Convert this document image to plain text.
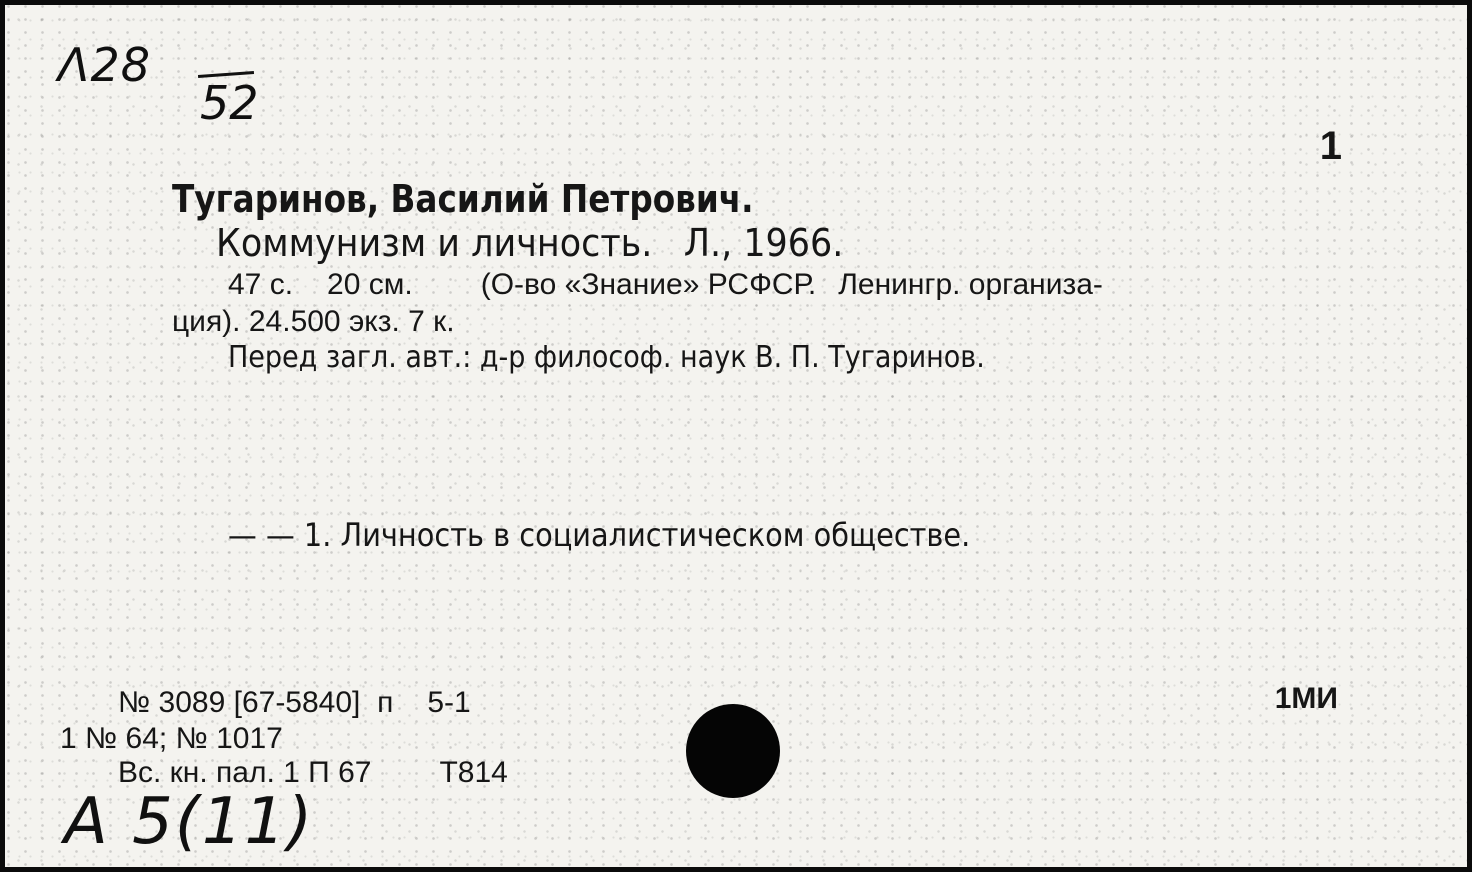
Λ28
52
1
Тугаринов, Василий Петрович.
Коммунизм и личность. Л., 1966.
47 с. 20 см. (О-во «Знание» РСФСР. Ленингр. организа-
ция). 24.500 экз. 7 к.
Перед загл. авт.: д-р философ. наук В. П. Тугаринов.
— — 1. Личность в социалистическом обществе.
№ 3089 [67-5840] п 5-1
1 № 64; № 1017
Вс. кн. пал. 1 П 67 Т814
1МИ
А 5(11)
